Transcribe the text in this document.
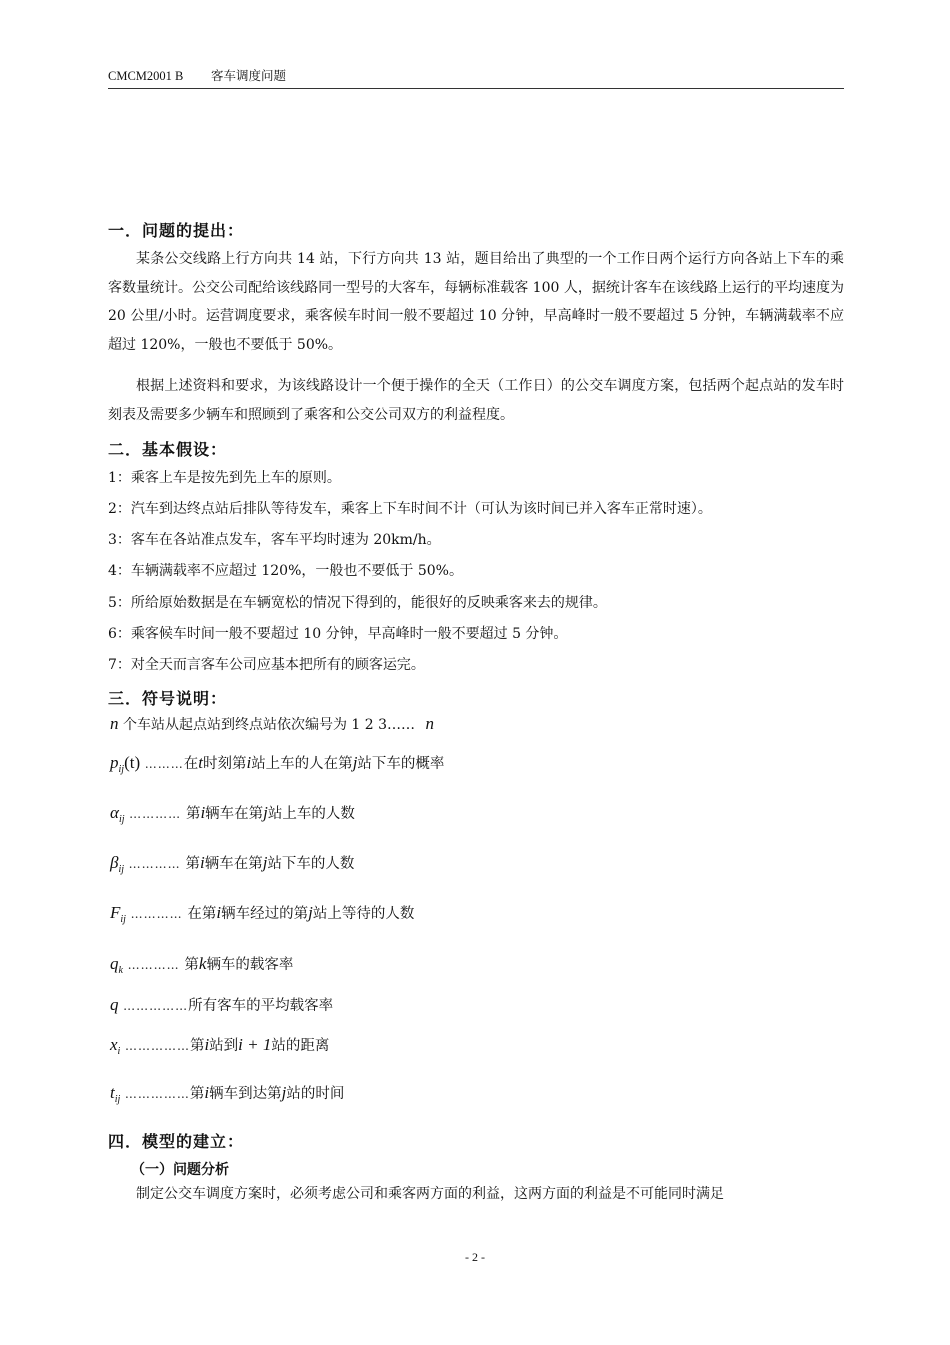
CMCM2001 B 客车调度问题
一．问题的提出：

某条公交线路上行方向共 14 站，下行方向共 13 站，题目给出了典型的一个工作日两个运行方向各站上下车的乘客数量统计。公交公司配给该线路同一型号的大客车，每辆标准载客 100 人，据统计客车在该线路上运行的平均速度为 20 公里/小时。运营调度要求，乘客候车时间一般不要超过 10 分钟，早高峰时一般不要超过 5 分钟，车辆满载率不应超过 120%，一般也不要低于 50%。

根据上述资料和要求，为该线路设计一个便于操作的全天（工作日）的公交车调度方案，包括两个起点站的发车时刻表及需要多少辆车和照顾到了乘客和公交公司双方的利益程度。

二．基本假设：
1：乘客上车是按先到先上车的原则。
2：汽车到达终点站后排队等待发车，乘客上下车时间不计（可认为该时间已并入客车正常时速）。
3：客车在各站准点发车，客车平均时速为 20km/h。
4：车辆满载率不应超过 120%，一般也不要低于 50%。
5：所给原始数据是在车辆宽松的情况下得到的，能很好的反映乘客来去的规律。
6：乘客候车时间一般不要超过 10 分钟，早高峰时一般不要超过 5 分钟。
7：对全天而言客车公司应基本把所有的顾客运完。
三．符号说明：
n 个车站从起点站到终点站依次编号为 1 2 3…… n
$p_{ij}(t)$ ………在t时刻第i站上车的人在第j站下车的概率
$\alpha_{ij}$ ………… 第i辆车在第j站上车的人数
$\beta_{ij}$ ………… 第i辆车在第j站下车的人数
$F_{ij}$ ………… 在第i辆车经过的第j站上等待的人数
$q_k$ ………… 第k辆车的载客率
q ……………所有客车的平均载客率
$x_i$ ……………第i站到i + 1站的距离
$t_{ij}$ ……………第i辆车到达第j站的时间
四．模型的建立：
（一）问题分析

制定公交车调度方案时，必须考虑公司和乘客两方面的利益，这两方面的利益是不可能同时满足

- 2 -
